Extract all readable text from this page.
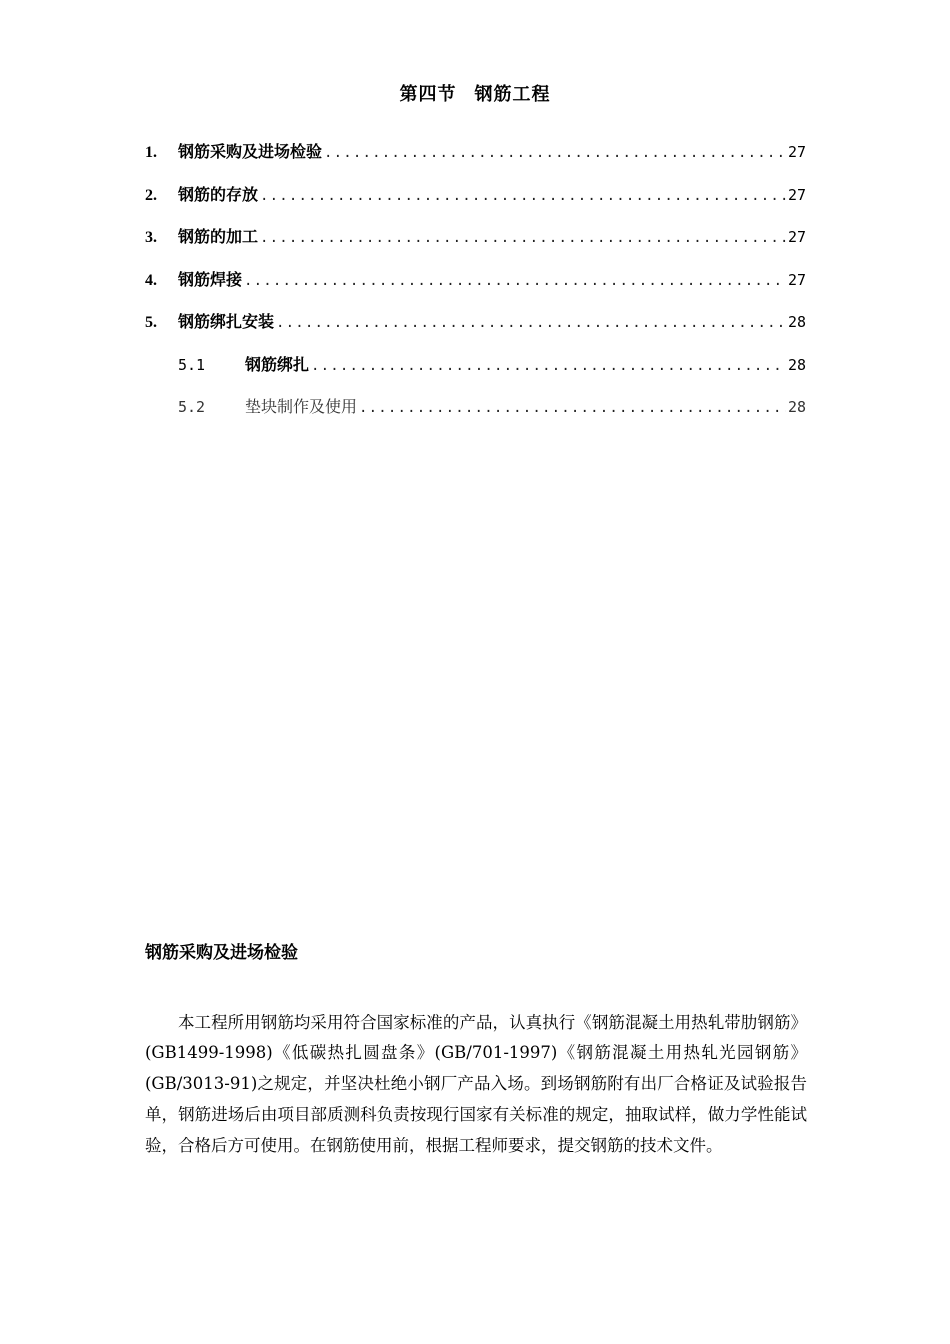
第四节 钢筋工程
1.	钢筋采购及进场检验 .....	27
2.	钢筋的存放 .....	27
3.	钢筋的加工 .....	27
4.	钢筋焊接 .....	27
5.	钢筋绑扎安装 .....	28
5.1	钢筋绑扎 .....	28
5.2	垫块制作及使用 .....	28
钢筋采购及进场检验

本工程所用钢筋均采用符合国家标准的产品，认真执行《钢筋混凝土用热轧带肋钢筋》(GB1499-1998)《低碳热扎圆盘条》(GB/701-1997)《钢筋混凝土用热轧光园钢筋》(GB/3013-91)之规定，并坚决杜绝小钢厂产品入场。到场钢筋附有出厂合格证及试验报告单，钢筋进场后由项目部质测科负责按现行国家有关标准的规定，抽取试样，做力学性能试验，合格后方可使用。在钢筋使用前，根据工程师要求，提交钢筋的技术文件。
